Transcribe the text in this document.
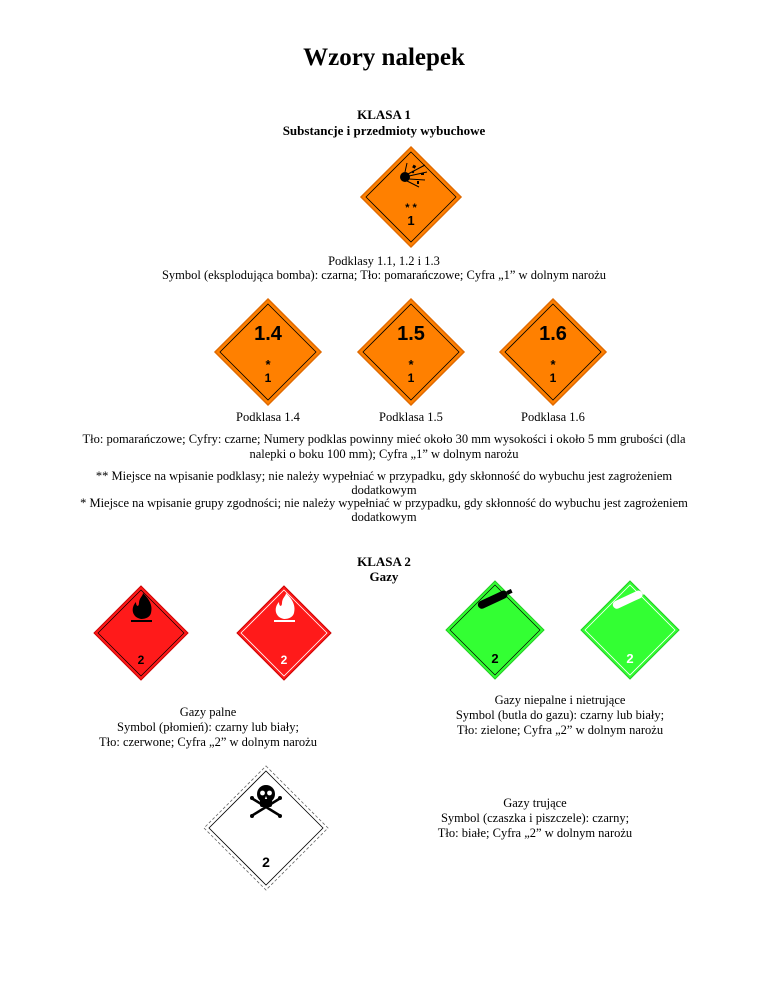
Wzory nalepek
KLASA 1
Substancje i przedmioty wybuchowe
* *
1
Podklasy 1.1, 1.2 i 1.3
Symbol (eksplodująca bomba): czarna; Tło: pomarańczowe; Cyfra „1” w dolnym narożu
1.4
*
1
1.5
*
1
1.6
*
1
Podklasa 1.4	Podklasa 1.5	Podklasa 1.6
Tło: pomarańczowe; Cyfry: czarne; Numery podklas powinny mieć około 30 mm wysokości i około 5 mm grubości (dla
nalepki o boku 100 mm); Cyfra „1” w dolnym narożu
** Miejsce na wpisanie podklasy; nie należy wypełniać w przypadku, gdy skłonność do wybuchu jest zagrożeniem
dodatkowym
* Miejsce na wpisanie grupy zgodności; nie należy wypełniać w przypadku, gdy skłonność do wybuchu jest zagrożeniem
dodatkowym
KLASA 2
Gazy
2	2	2	2
Gazy palne
Symbol (płomień): czarny lub biały;
Tło: czerwone; Cyfra „2” w dolnym narożu
Gazy niepalne i nietrujące
Symbol (butla do gazu): czarny lub biały;
Tło: zielone; Cyfra „2” w dolnym narożu
2
Gazy trujące
Symbol (czaszka i piszczele): czarny;
Tło: białe; Cyfra „2” w dolnym narożu
